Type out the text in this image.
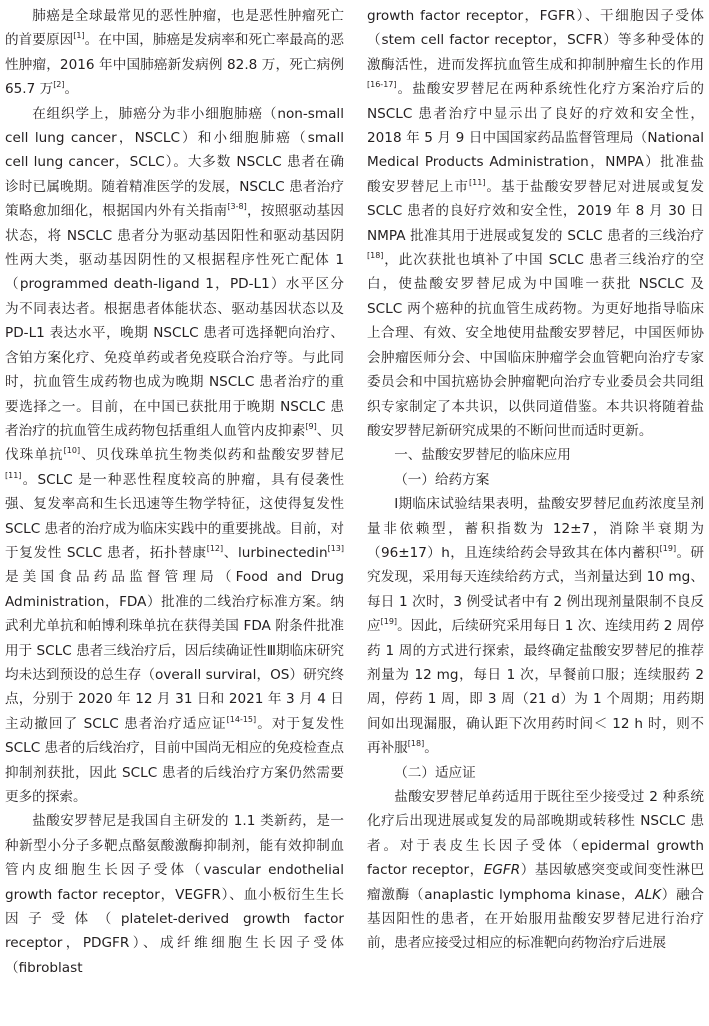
肺癌是全球最常见的恶性肿瘤，也是恶性肿瘤死亡的首要原因[1]。在中国，肺癌是发病率和死亡率最高的恶性肿瘤，2016 年中国肺癌新发病例 82.8 万，死亡病例 65.7 万[2]。

在组织学上，肺癌分为非小细胞肺癌（non-small cell lung cancer，NSCLC）和小细胞肺癌（small cell lung cancer，SCLC）。大多数 NSCLC 患者在确诊时已属晚期。随着精准医学的发展，NSCLC 患者治疗策略愈加细化，根据国内外有关指南[3-8]，按照驱动基因状态，将 NSCLC 患者分为驱动基因阳性和驱动基因阴性两大类，驱动基因阴性的又根据程序性死亡配体 1（programmed death-ligand 1，PD-L1）水平区分为不同表达者。根据患者体能状态、驱动基因状态以及 PD-L1 表达水平，晚期 NSCLC 患者可选择靶向治疗、含铂方案化疗、免疫单药或者免疫联合治疗等。与此同时，抗血管生成药物也成为晚期 NSCLC 患者治疗的重要选择之一。目前，在中国已获批用于晚期 NSCLC 患者治疗的抗血管生成药物包括重组人血管内皮抑素[9]、贝伐珠单抗[10]、贝伐珠单抗生物类似药和盐酸安罗替尼[11]。SCLC 是一种恶性程度较高的肿瘤，具有侵袭性强、复发率高和生长迅速等生物学特征，这使得复发性 SCLC 患者的治疗成为临床实践中的重要挑战。目前，对于复发性 SCLC 患者，拓扑替康[12]、lurbinectedin[13]是美国食品药品监督管理局（Food and Drug Administration，FDA）批准的二线治疗标准方案。纳武利尤单抗和帕博利珠单抗在获得美国 FDA 附条件批准用于 SCLC 患者三线治疗后，因后续确证性Ⅲ期临床研究均未达到预设的总生存（overall surviral，OS）研究终点，分别于 2020 年 12 月 31 日和 2021 年 3 月 4 日主动撤回了 SCLC 患者治疗适应证[14-15]。对于复发性 SCLC 患者的后线治疗，目前中国尚无相应的免疫检查点抑制剂获批，因此 SCLC 患者的后线治疗方案仍然需要更多的探索。

盐酸安罗替尼是我国自主研发的 1.1 类新药，是一种新型小分子多靶点酪氨酸激酶抑制剂，能有效抑制血管内皮细胞生长因子受体（vascular endothelial growth factor receptor，VEGFR）、血小板衍生生长因子受体（platelet-derived growth factor receptor，PDGFR）、成纤维细胞生长因子受体（fibroblast

growth factor receptor，FGFR）、干细胞因子受体（stem cell factor receptor，SCFR）等多种受体的激酶活性，进而发挥抗血管生成和抑制肿瘤生长的作用[16-17]。盐酸安罗替尼在两种系统性化疗方案治疗后的 NSCLC 患者治疗中显示出了良好的疗效和安全性，2018 年 5 月 9 日中国国家药品监督管理局（National Medical Products Administration，NMPA）批准盐酸安罗替尼上市[11]。基于盐酸安罗替尼对进展或复发 SCLC 患者的良好疗效和安全性，2019 年 8 月 30 日 NMPA 批准其用于进展或复发的 SCLC 患者的三线治疗[18]，此次获批也填补了中国 SCLC 患者三线治疗的空白，使盐酸安罗替尼成为中国唯一获批 NSCLC 及 SCLC 两个癌种的抗血管生成药物。为更好地指导临床上合理、有效、安全地使用盐酸安罗替尼，中国医师协会肿瘤医师分会、中国临床肿瘤学会血管靶向治疗专家委员会和中国抗癌协会肿瘤靶向治疗专业委员会共同组织专家制定了本共识，以供同道借鉴。本共识将随着盐酸安罗替尼新研究成果的不断问世而适时更新。

一、盐酸安罗替尼的临床应用
（一）给药方案

Ⅰ期临床试验结果表明，盐酸安罗替尼血药浓度呈剂量非依赖型，蓄积指数为 12±7，消除半衰期为（96±17）h，且连续给药会导致其在体内蓄积[19]。研究发现，采用每天连续给药方式，当剂量达到 10 mg、每日 1 次时，3 例受试者中有 2 例出现剂量限制不良反应[19]。因此，后续研究采用每日 1 次、连续用药 2 周停药 1 周的方式进行探索，最终确定盐酸安罗替尼的推荐剂量为 12 mg，每日 1 次，早餐前口服；连续服药 2 周，停药 1 周，即 3 周（21 d）为 1 个周期；用药期间如出现漏服，确认距下次用药时间＜ 12 h 时，则不再补服[18]。

（二）适应证

盐酸安罗替尼单药适用于既往至少接受过 2 种系统化疗后出现进展或复发的局部晚期或转移性 NSCLC 患者。对于表皮生长因子受体（epidermal growth factor receptor，EGFR）基因敏感突变或间变性淋巴瘤激酶（anaplastic lymphoma kinase，ALK）融合基因阳性的患者，在开始服用盐酸安罗替尼进行治疗前，患者应接受过相应的标准靶向药物治疗后进展
